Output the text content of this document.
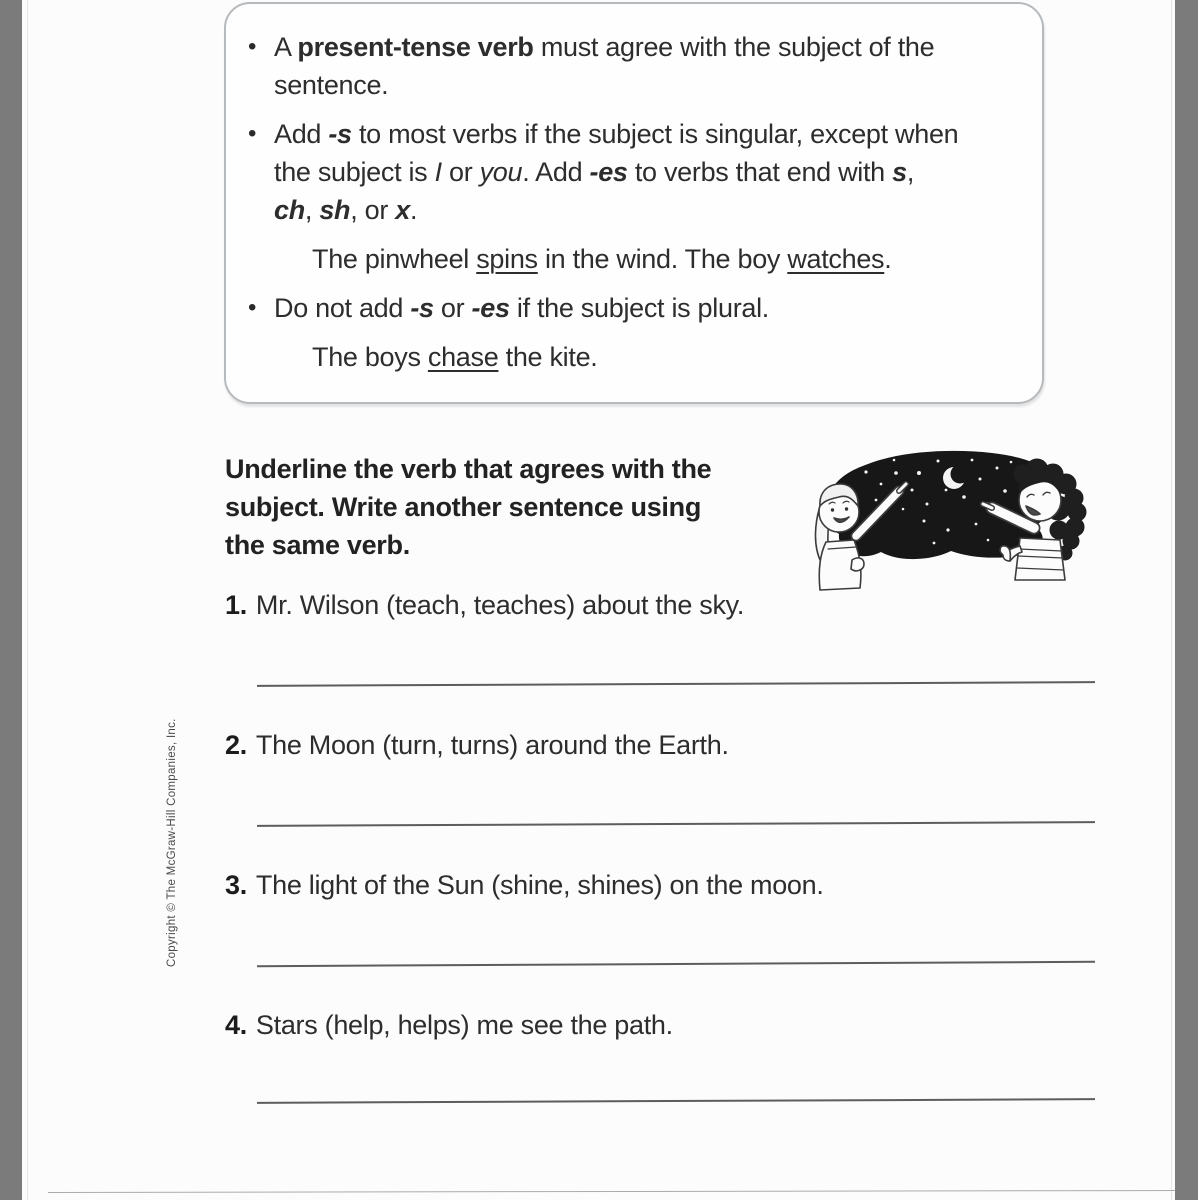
• A present-tense verb must agree with the subject of the
sentence.
• Add -s to most verbs if the subject is singular, except when
the subject is I or you. Add -es to verbs that end with s,
ch, sh, or x.
The pinwheel spins in the wind. The boy watches.
• Do not add -s or -es if the subject is plural.
The boys chase the kite.
Underline the verb that agrees with the
subject. Write another sentence using
the same verb.
1. Mr. Wilson (teach, teaches) about the sky.
2. The Moon (turn, turns) around the Earth.
3. The light of the Sun (shine, shines) on the moon.
4. Stars (help, helps) me see the path.
Copyright © The McGraw-Hill Companies, Inc.
